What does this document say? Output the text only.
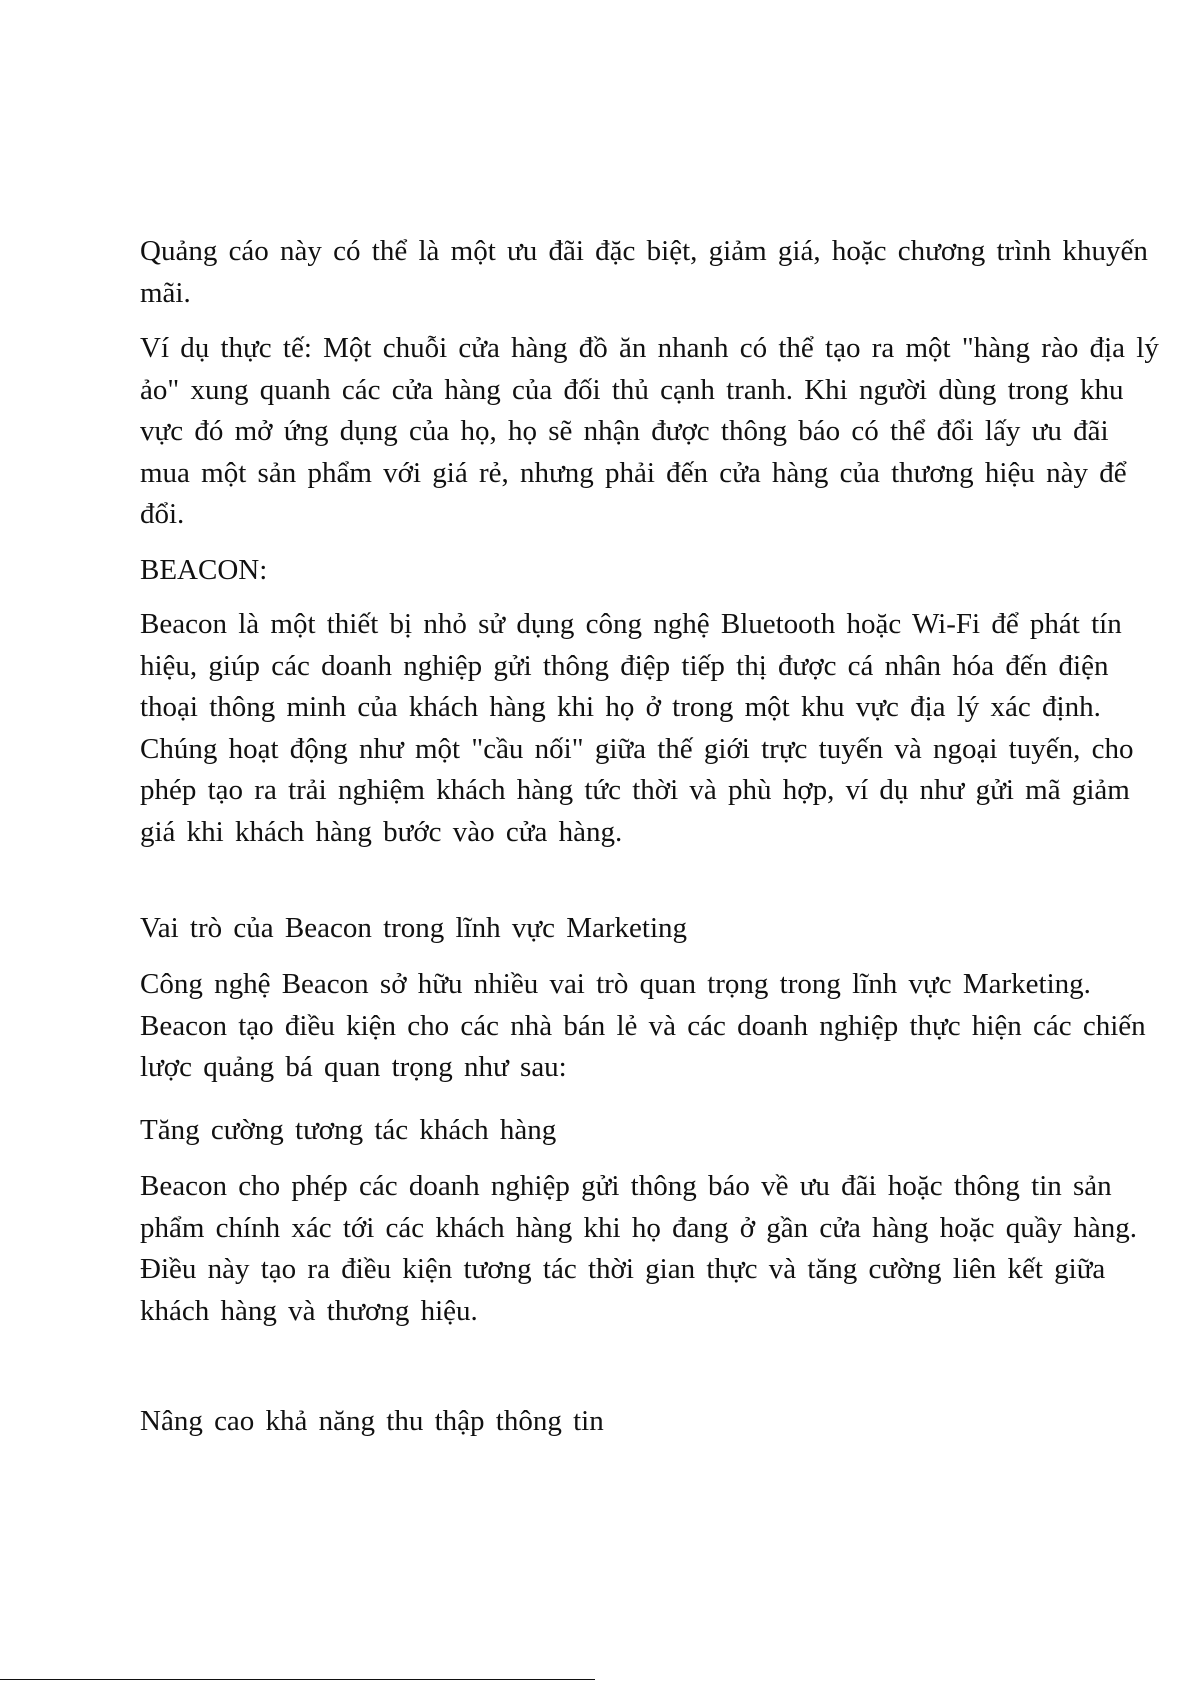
Quảng cáo này có thể là một ưu đãi đặc biệt, giảm giá, hoặc chương trình khuyến mãi.

Ví dụ thực tế: Một chuỗi cửa hàng đồ ăn nhanh có thể tạo ra một "hàng rào địa lý ảo" xung quanh các cửa hàng của đối thủ cạnh tranh. Khi người dùng trong khu vực đó mở ứng dụng của họ, họ sẽ nhận được thông báo có thể đổi lấy ưu đãi mua một sản phẩm với giá rẻ, nhưng phải đến cửa hàng của thương hiệu này để đổi.

BEACON:

Beacon là một thiết bị nhỏ sử dụng công nghệ Bluetooth hoặc Wi-Fi để phát tín hiệu, giúp các doanh nghiệp gửi thông điệp tiếp thị được cá nhân hóa đến điện thoại thông minh của khách hàng khi họ ở trong một khu vực địa lý xác định. Chúng hoạt động như một "cầu nối" giữa thế giới trực tuyến và ngoại tuyến, cho phép tạo ra trải nghiệm khách hàng tức thời và phù hợp, ví dụ như gửi mã giảm giá khi khách hàng bước vào cửa hàng.

Vai trò của Beacon trong lĩnh vực Marketing

Công nghệ Beacon sở hữu nhiều vai trò quan trọng trong lĩnh vực Marketing. Beacon tạo điều kiện cho các nhà bán lẻ và các doanh nghiệp thực hiện các chiến lược quảng bá quan trọng như sau:

Tăng cường tương tác khách hàng

Beacon cho phép các doanh nghiệp gửi thông báo về ưu đãi hoặc thông tin sản phẩm chính xác tới các khách hàng khi họ đang ở gần cửa hàng hoặc quầy hàng. Điều này tạo ra điều kiện tương tác thời gian thực và tăng cường liên kết giữa khách hàng và thương hiệu.

Nâng cao khả năng thu thập thông tin
